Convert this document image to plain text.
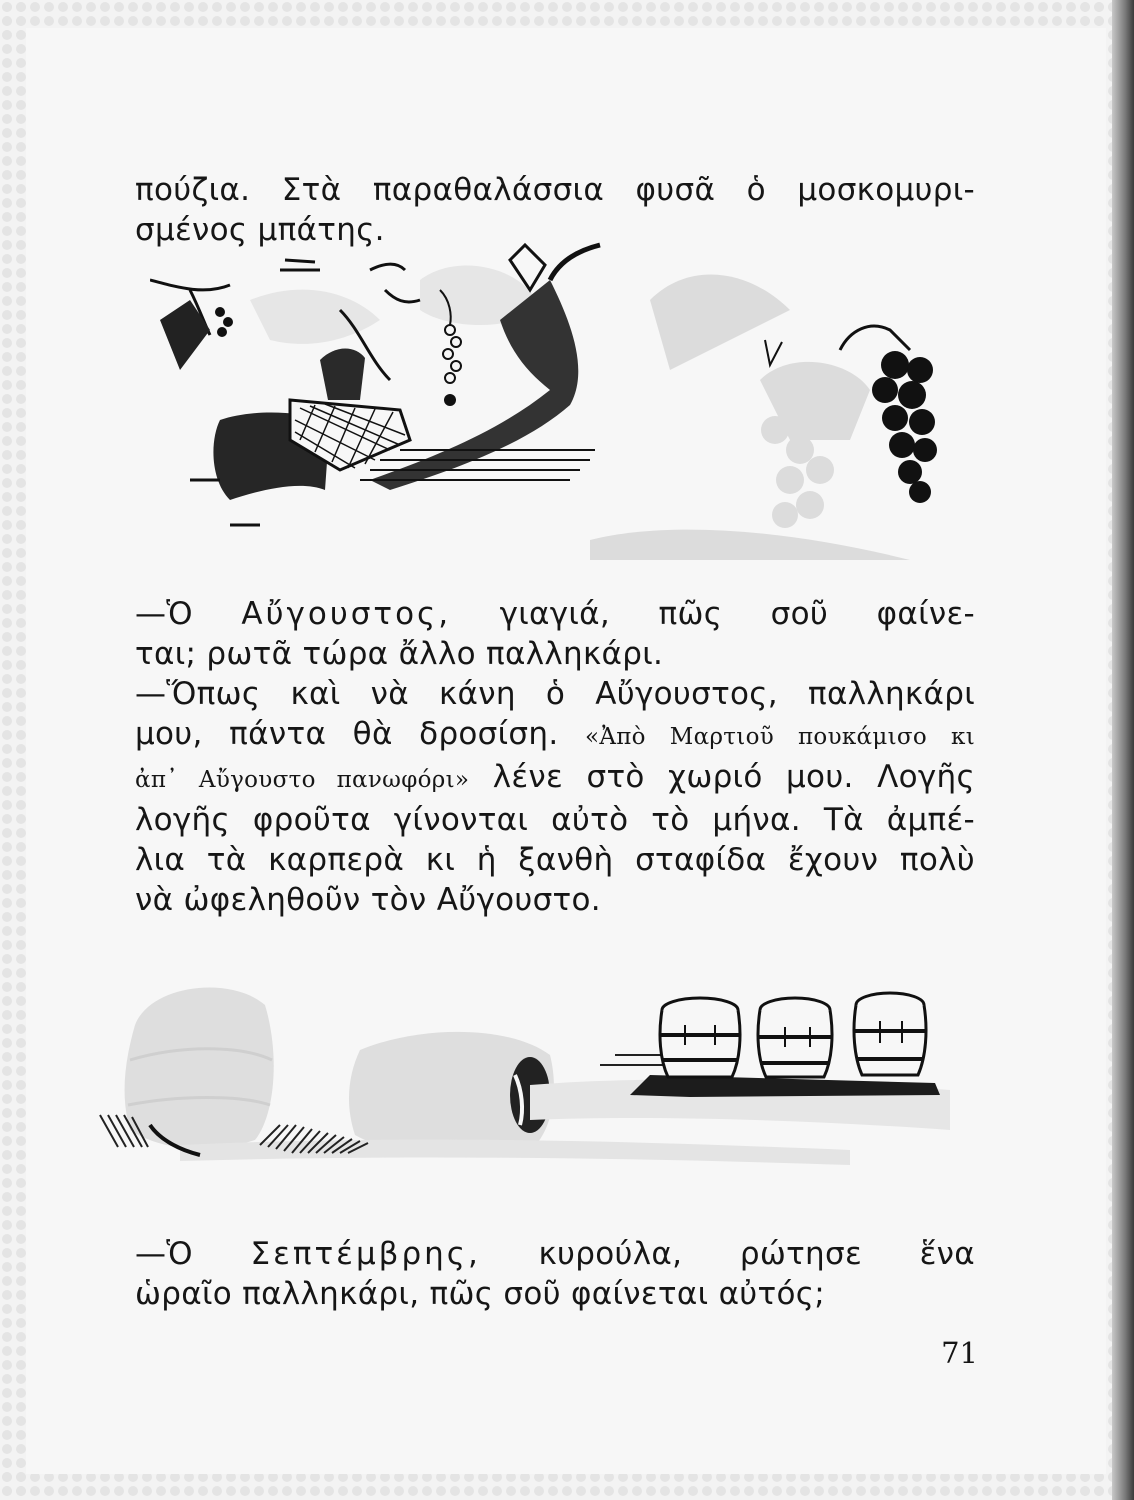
πούζια. Στὰ παραθαλάσσια φυσᾶ ὁ μοσκομυρι-
σμένος μπάτης.

—Ὁ Αὔγουστος, γιαγιά, πῶς σοῦ φαίνε-
ται; ρωτᾶ τώρα ἄλλο παλληκάρι.
—Ὅπως καὶ νὰ κάνη ὁ Αὔγουστος, παλληκάρι
μου, πάντα θὰ δροσίση. «Ἀπὸ Μαρτιοῦ πουκάμισο κι
ἀπ᾿ Αὔγουστο πανωφόρι» λένε στὸ χωριό μου. Λογῆς
λογῆς φροῦτα γίνονται αὐτὸ τὸ μήνα. Τὰ ἀμπέ-
λια τὰ καρπερὰ κι ἡ ξανθὴ σταφίδα ἔχουν πολὺ
νὰ ὠφεληθοῦν τὸν Αὔγουστο.

—Ὁ Σεπτέμβρης, κυρούλα, ρώτησε ἕνα
ὡραῖο παλληκάρι, πῶς σοῦ φαίνεται αὐτός;

71
